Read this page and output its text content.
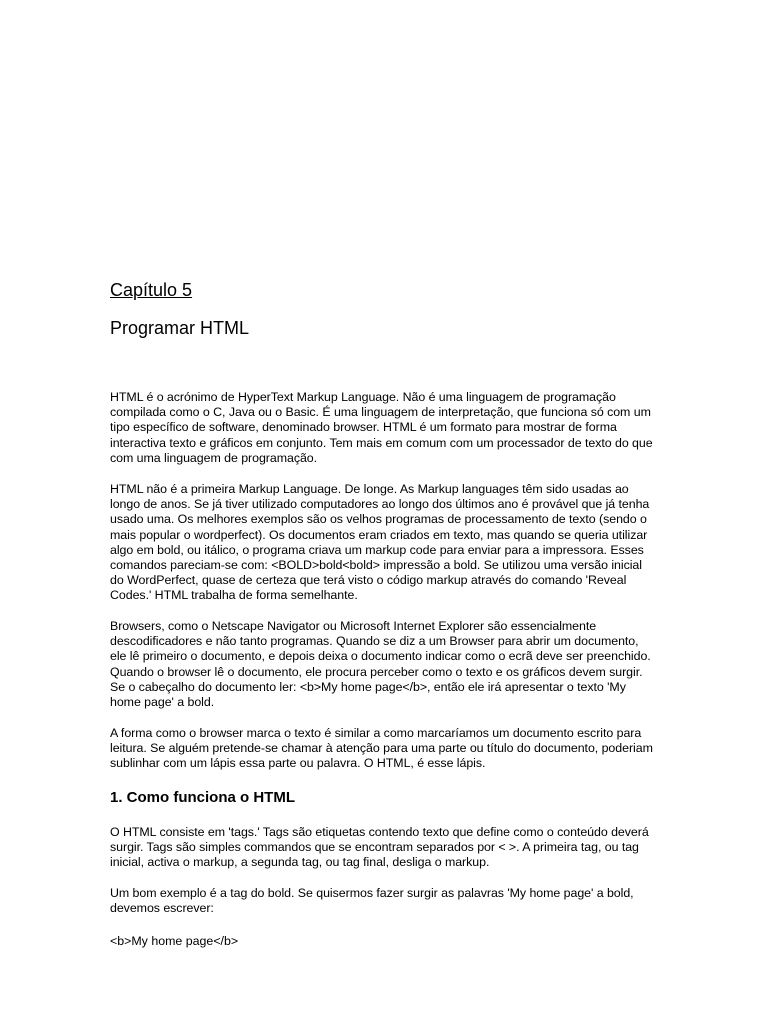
Capítulo 5
Programar HTML

HTML é o acrónimo de HyperText Markup Language. Não é uma linguagem de programação compilada como o C, Java ou o Basic. É uma linguagem de interpretação, que funciona só com um tipo específico de software, denominado browser. HTML é um formato para mostrar de forma interactiva texto e gráficos em conjunto. Tem mais em comum com um processador de texto do que com uma linguagem de programação.

HTML não é a primeira Markup Language. De longe. As Markup languages têm sido usadas ao longo de anos. Se já tiver utilizado computadores ao longo dos últimos ano é provável que já tenha usado uma. Os melhores exemplos são os velhos programas de processamento de texto (sendo o mais popular o wordperfect). Os documentos eram criados em texto, mas quando se queria utilizar algo em bold, ou itálico, o programa criava um markup code para enviar para a impressora. Esses comandos pareciam-se com: <BOLD>bold<bold> impressão a bold. Se utilizou uma versão inicial do WordPerfect, quase de certeza que terá visto o código markup através do comando 'Reveal Codes.' HTML trabalha de forma semelhante.

Browsers, como o Netscape Navigator ou Microsoft Internet Explorer são essencialmente descodificadores e não tanto programas. Quando se diz a um Browser para abrir um documento, ele lê primeiro o documento, e depois deixa o documento indicar como o ecrã deve ser preenchido. Quando o browser lê o documento, ele procura perceber como o texto e os gráficos devem surgir. Se o cabeçalho do documento ler: <b>My home page</b>, então ele irá apresentar o texto 'My home page' a bold.

A forma como o browser marca o texto é similar a como marcaríamos um documento escrito para leitura. Se alguém pretende-se chamar à atenção para uma parte ou título do documento, poderiam sublinhar com um lápis essa parte ou palavra. O HTML, é esse lápis.

1. Como funciona o HTML

O HTML consiste em 'tags.' Tags são etiquetas contendo texto que define como o conteúdo deverá surgir. Tags são simples commandos que se encontram separados por < >. A primeira tag, ou tag inicial, activa o markup, a segunda tag, ou tag final, desliga o markup.

Um bom exemplo é a tag do bold. Se quisermos fazer surgir as palavras 'My home page' a bold, devemos escrever:

<b>My home page</b>
